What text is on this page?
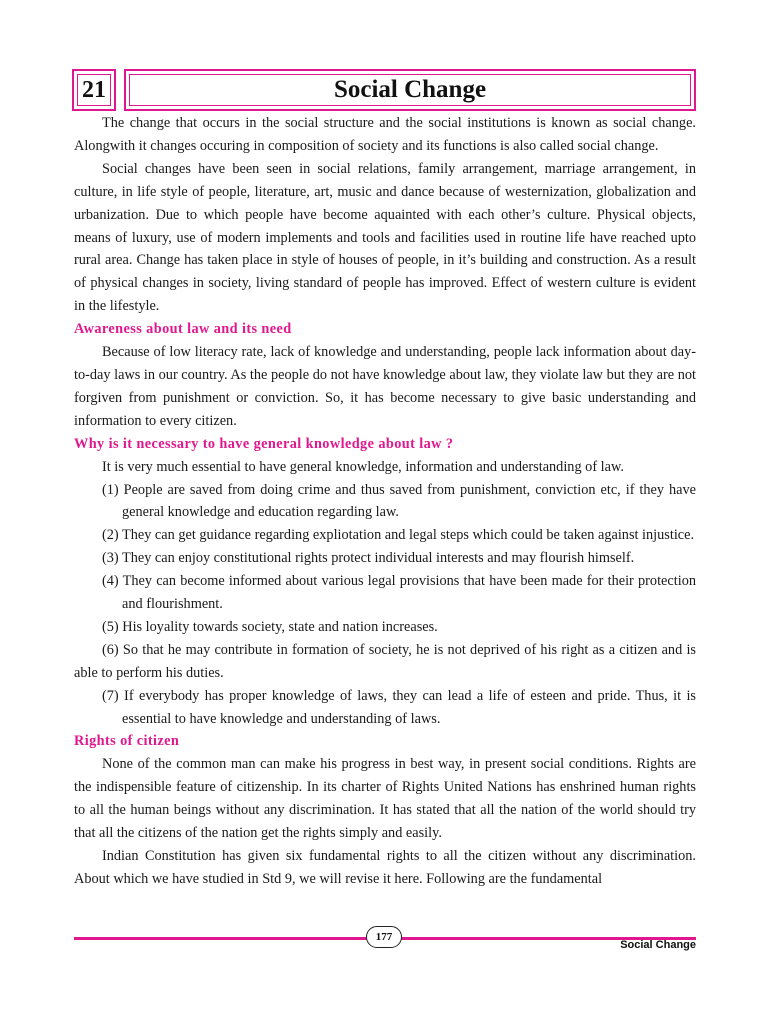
21	Social Change

The change that occurs in the social structure and the social institutions is known as social change. Alongwith it changes occuring in composition of society and its functions is also called social change.

Social changes have been seen in social relations, family arrangement, marriage arrangement, in culture, in life style of people, literature, art, music and dance because of westernization, globalization and urbanization. Due to which people have become aquainted with each other’s culture. Physical objects, means of luxury, use of modern implements and tools and facilities used in routine life have reached upto rural area. Change has taken place in style of houses of people, in it’s building and construction. As a result of physical changes in society, living standard of people has improved. Effect of western culture is evident in the lifestyle.

Awareness about law and its need

Because of low literacy rate, lack of knowledge and understanding, people lack information about day-to-day laws in our country. As the people do not have knowledge about law, they violate law but they are not forgiven from punishment or conviction. So, it has become necessary to give basic understanding and information to every citizen.

Why is it necessary to have general knowledge about law ?

It is very much essential to have general knowledge, information and understanding of law.

(1) People are saved from doing crime and thus saved from punishment, conviction etc, if they have general knowledge and education regarding law.
(2) They can get guidance regarding expliotation and legal steps which could be taken against injustice.
(3) They can enjoy constitutional rights protect individual interests and may flourish himself.
(4) They can become informed about various legal provisions that have been made for their protection and flourishment.
(5) His loyality towards society, state and nation increases.
(6) So that he may contribute in formation of society, he is not deprived of his right as a citizen and is able to perform his duties.
(7) If everybody has proper knowledge of laws, they can lead a life of esteen and pride. Thus, it is essential to have knowledge and understanding of laws.
Rights of citizen

None of the common man can make his progress in best way, in present social conditions. Rights are the indispensible feature of citizenship. In its charter of Rights United Nations has enshrined human rights to all the human beings without any discrimination. It has stated that all the nation of the world should try that all the citizens of the nation get the rights simply and easily.

Indian Constitution has given six fundamental rights to all the citizen without any discrimination. About which we have studied in Std 9, we will revise it here. Following are the fundamental

177
Social Change
